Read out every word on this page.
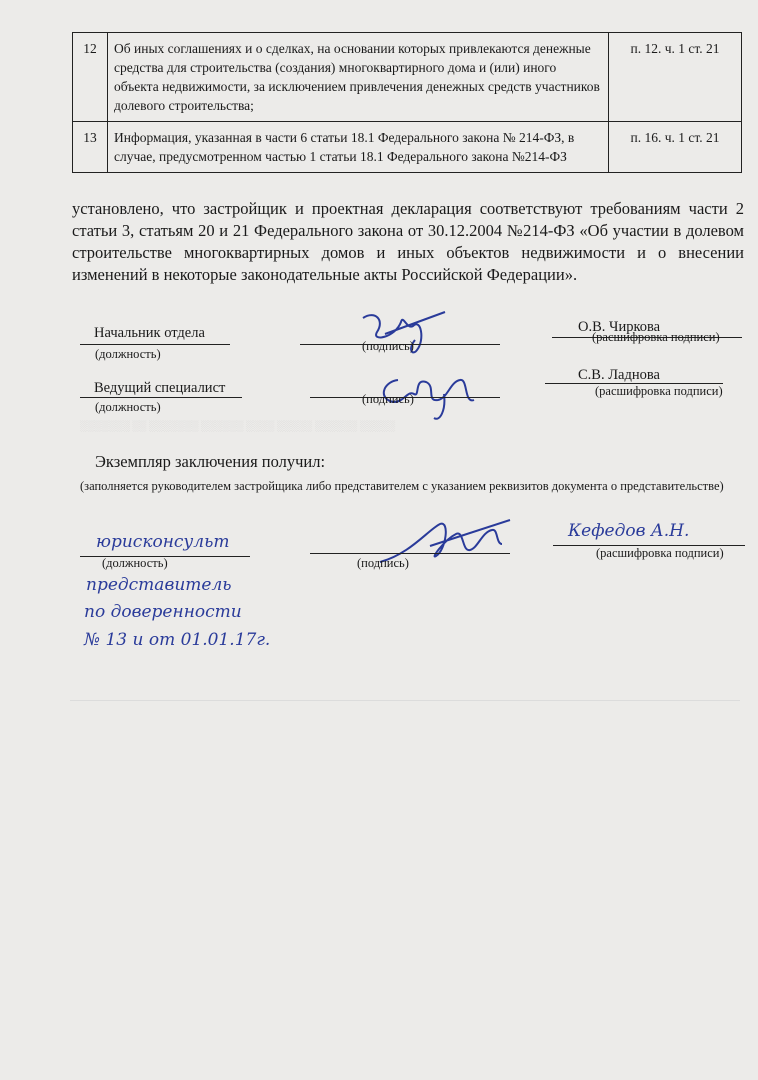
░░░░░░░ ░░ ░░░░░░░ ░░░░░░ ░░░░ ░░░░░ ░░░░░░ ░░░░░

12	Об иных соглашениях и о сделках, на основании которых привлекаются денежные средства для строительства (создания) многоквартирного дома и (или) иного объекта недвижимости, за исключением привлечения денежных средств участников долевого строительства;	п. 12. ч. 1 ст. 21
13	Информация, указанная в части 6 статьи 18.1 Федерального закона № 214-ФЗ, в случае, предусмотренном частью 1 статьи 18.1 Федерального закона №214-ФЗ	п. 16. ч. 1 ст. 21
установлено, что застройщик и проектная декларация соответствуют требованиям части 2 статьи 3, статьям 20 и 21 Федерального закона от 30.12.2004 №214-ФЗ «Об участии в долевом строительстве многоквартирных домов и иных объектов недвижимости и о внесении изменений в некоторые законодательные акты Российской Федерации».
Начальник отдела
(должность)
(подпись)
О.В. Чиркова
(расшифровка подписи)
Ведущий специалист
(должность)
(подпись)
С.В. Ладнова
(расшифровка подписи)
Экземпляр заключения получил:
(заполняется руководителем застройщика либо представителем с указанием реквизитов документа о представительстве)
юрисконсульт
(должность)	(подпись)
Кефедов А.Н.
(расшифровка подписи)
представитель
по доверенности
№ 13 и от 01.01.17г.
